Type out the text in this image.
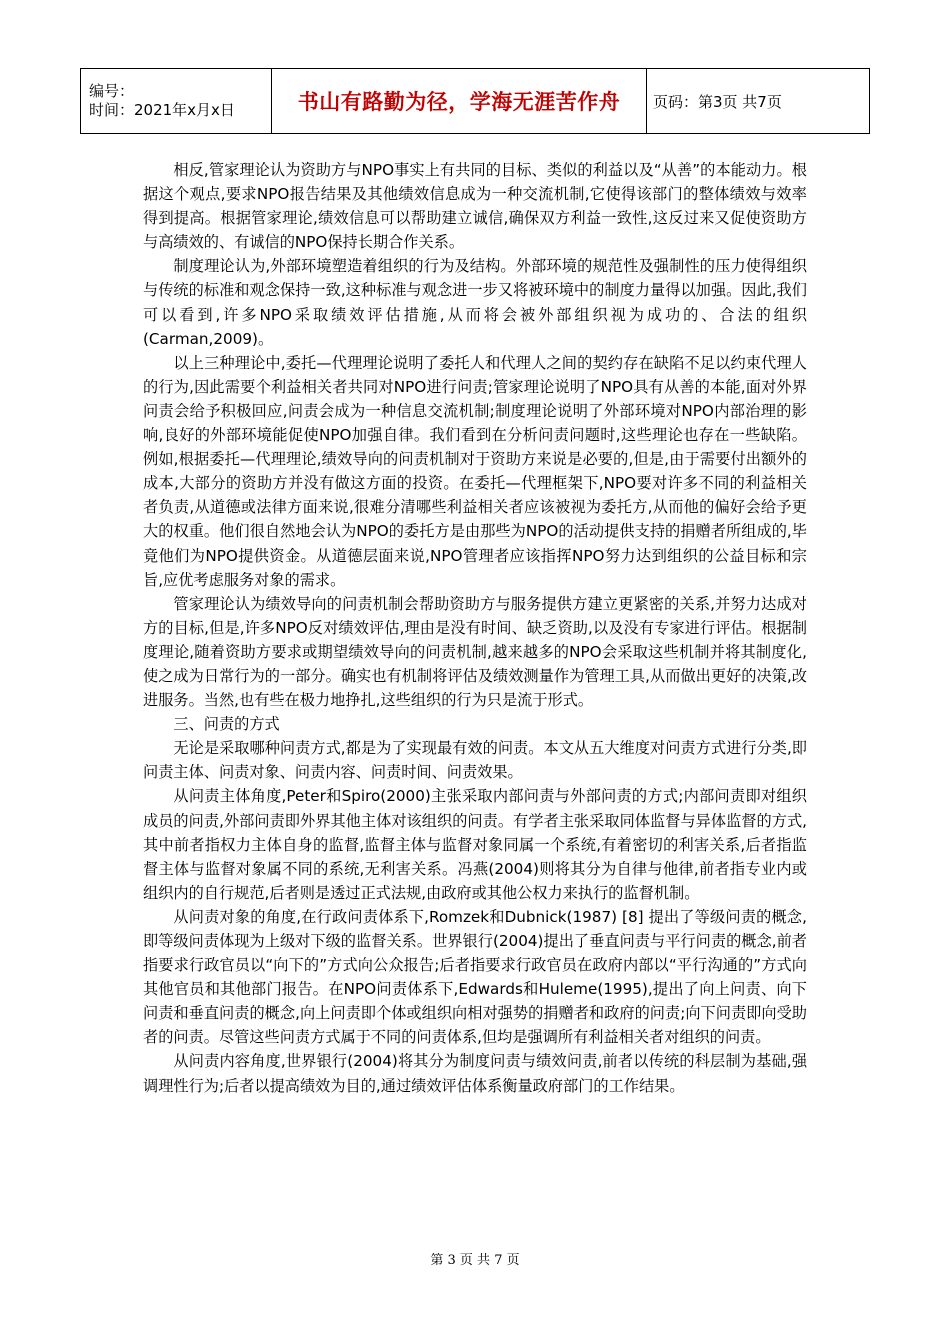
编号：
时间：2021年x月x日	书山有路勤为径，学海无涯苦作舟	页码：第3页 共7页

相反,管家理论认为资助方与NPO事实上有共同的目标、类似的利益以及“从善”的本能动力。根据这个观点,要求NPO报告结果及其他绩效信息成为一种交流机制,它使得该部门的整体绩效与效率得到提高。根据管家理论,绩效信息可以帮助建立诚信,确保双方利益一致性,这反过来又促使资助方与高绩效的、有诚信的NPO保持长期合作关系。

制度理论认为,外部环境塑造着组织的行为及结构。外部环境的规范性及强制性的压力使得组织与传统的标准和观念保持一致,这种标准与观念进一步又将被环境中的制度力量得以加强。因此,我们可以看到,许多NPO采取绩效评估措施,从而将会被外部组织视为成功的、合法的组织(Carman,2009)。

以上三种理论中,委托—代理理论说明了委托人和代理人之间的契约存在缺陷不足以约束代理人的行为,因此需要个利益相关者共同对NPO进行问责;管家理论说明了NPO具有从善的本能,面对外界问责会给予积极回应,问责会成为一种信息交流机制;制度理论说明了外部环境对NPO内部治理的影响,良好的外部环境能促使NPO加强自律。我们看到在分析问责问题时,这些理论也存在一些缺陷。例如,根据委托—代理理论,绩效导向的问责机制对于资助方来说是必要的,但是,由于需要付出额外的成本,大部分的资助方并没有做这方面的投资。在委托—代理框架下,NPO要对许多不同的利益相关者负责,从道德或法律方面来说,很难分清哪些利益相关者应该被视为委托方,从而他的偏好会给予更大的权重。他们很自然地会认为NPO的委托方是由那些为NPO的活动提供支持的捐赠者所组成的,毕竟他们为NPO提供资金。从道德层面来说,NPO管理者应该指挥NPO努力达到组织的公益目标和宗旨,应优考虑服务对象的需求。

管家理论认为绩效导向的问责机制会帮助资助方与服务提供方建立更紧密的关系,并努力达成对方的目标,但是,许多NPO反对绩效评估,理由是没有时间、缺乏资助,以及没有专家进行评估。根据制度理论,随着资助方要求或期望绩效导向的问责机制,越来越多的NPO会采取这些机制并将其制度化,使之成为日常行为的一部分。确实也有机制将评估及绩效测量作为管理工具,从而做出更好的决策,改进服务。当然,也有些在极力地挣扎,这些组织的行为只是流于形式。

三、问责的方式

无论是采取哪种问责方式,都是为了实现最有效的问责。本文从五大维度对问责方式进行分类,即问责主体、问责对象、问责内容、问责时间、问责效果。

从问责主体角度,Peter和Spiro(2000)主张采取内部问责与外部问责的方式;内部问责即对组织成员的问责,外部问责即外界其他主体对该组织的问责。有学者主张采取同体监督与异体监督的方式,其中前者指权力主体自身的监督,监督主体与监督对象同属一个系统,有着密切的利害关系,后者指监督主体与监督对象属不同的系统,无利害关系。冯燕(2004)则将其分为自律与他律,前者指专业内或组织内的自行规范,后者则是透过正式法规,由政府或其他公权力来执行的监督机制。

从问责对象的角度,在行政问责体系下,Romzek和Dubnick(1987) [8] 提出了等级问责的概念,即等级问责体现为上级对下级的监督关系。世界银行(2004)提出了垂直问责与平行问责的概念,前者指要求行政官员以“向下的”方式向公众报告;后者指要求行政官员在政府内部以“平行沟通的”方式向其他官员和其他部门报告。在NPO问责体系下,Edwards和Huleme(1995),提出了向上问责、向下问责和垂直问责的概念,向上问责即个体或组织向相对强势的捐赠者和政府的问责;向下问责即向受助者的问责。尽管这些问责方式属于不同的问责体系,但均是强调所有利益相关者对组织的问责。

从问责内容角度,世界银行(2004)将其分为制度问责与绩效问责,前者以传统的科层制为基础,强调理性行为;后者以提高绩效为目的,通过绩效评估体系衡量政府部门的工作结果。

第 3 页 共 7 页
